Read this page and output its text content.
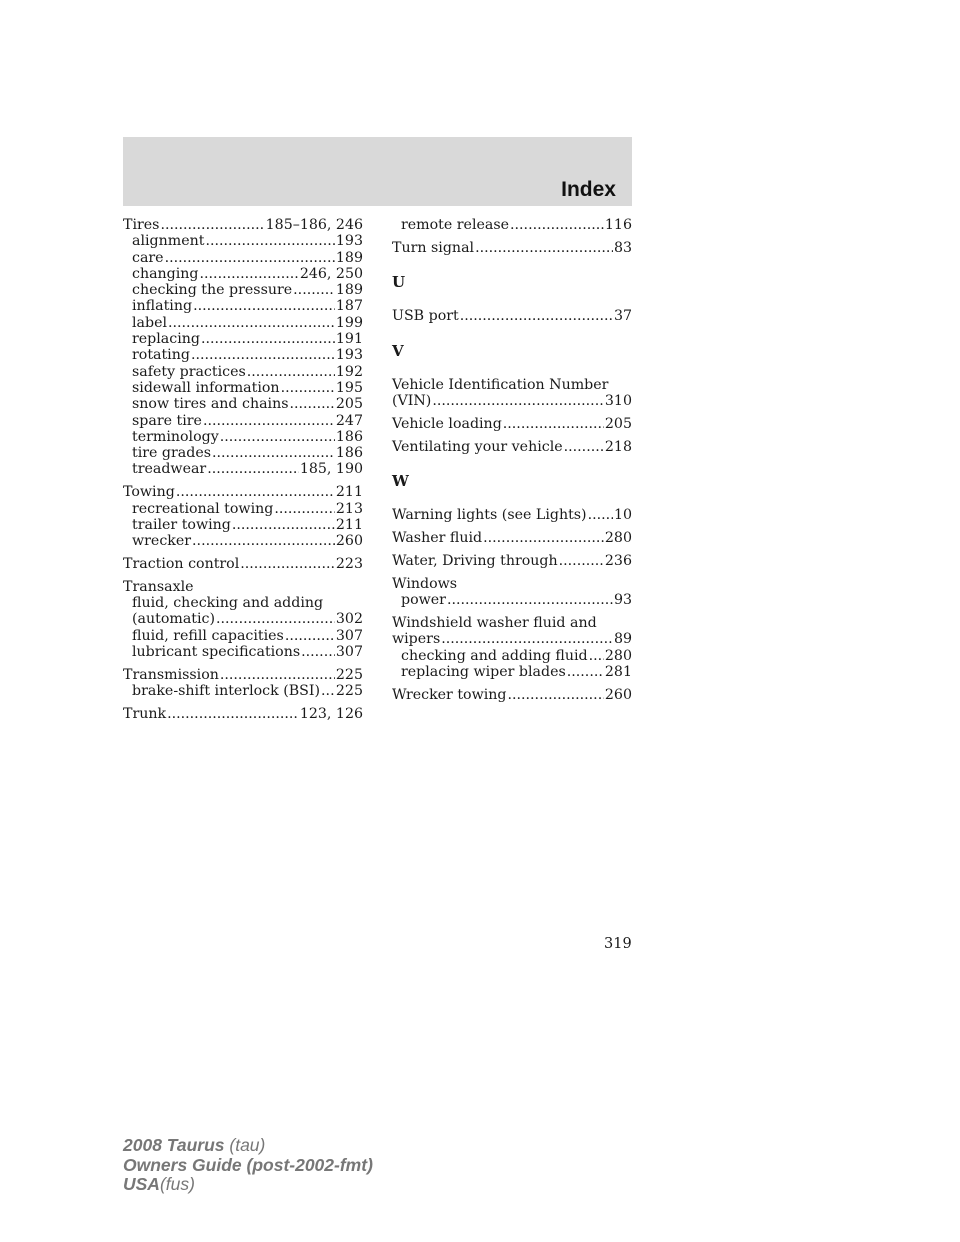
Index
Tires .....	185–186, 246
alignment .....	193
care .....	189
changing .....	246, 250
checking the pressure .....	189
inflating .....	187
label .....	199
replacing .....	191
rotating .....	193
safety practices .....	192
sidewall information .....	195
snow tires and chains .....	205
spare tire .....	247
terminology .....	186
tire grades .....	186
treadwear .....	185, 190
Towing .....	211
recreational towing .....	213
trailer towing .....	211
wrecker .....	260
Traction control .....	223
Transaxle
fluid, checking and adding
(automatic) .....	302
fluid, refill capacities .....	307
lubricant specifications .....	307
Transmission .....	225
brake-shift interlock (BSI) ..... 225
Trunk .....	123, 126
remote release .....	116
Turn signal .....	83
U
USB port .....	37
V
Vehicle Identification Number
(VIN) .....	310
Vehicle loading .....	205
Ventilating your vehicle .....	218
W
Warning lights (see Lights) ..... 10
Washer fluid .....	280
Water, Driving through .....	236
Windows
power .....	93
Windshield washer fluid and
wipers .....	89
checking and adding fluid ..... 280
replacing wiper blades .....	281
Wrecker towing .....	260
319
2008 Taurus (tau)
Owners Guide (post-2002-fmt)
USA(fus)
